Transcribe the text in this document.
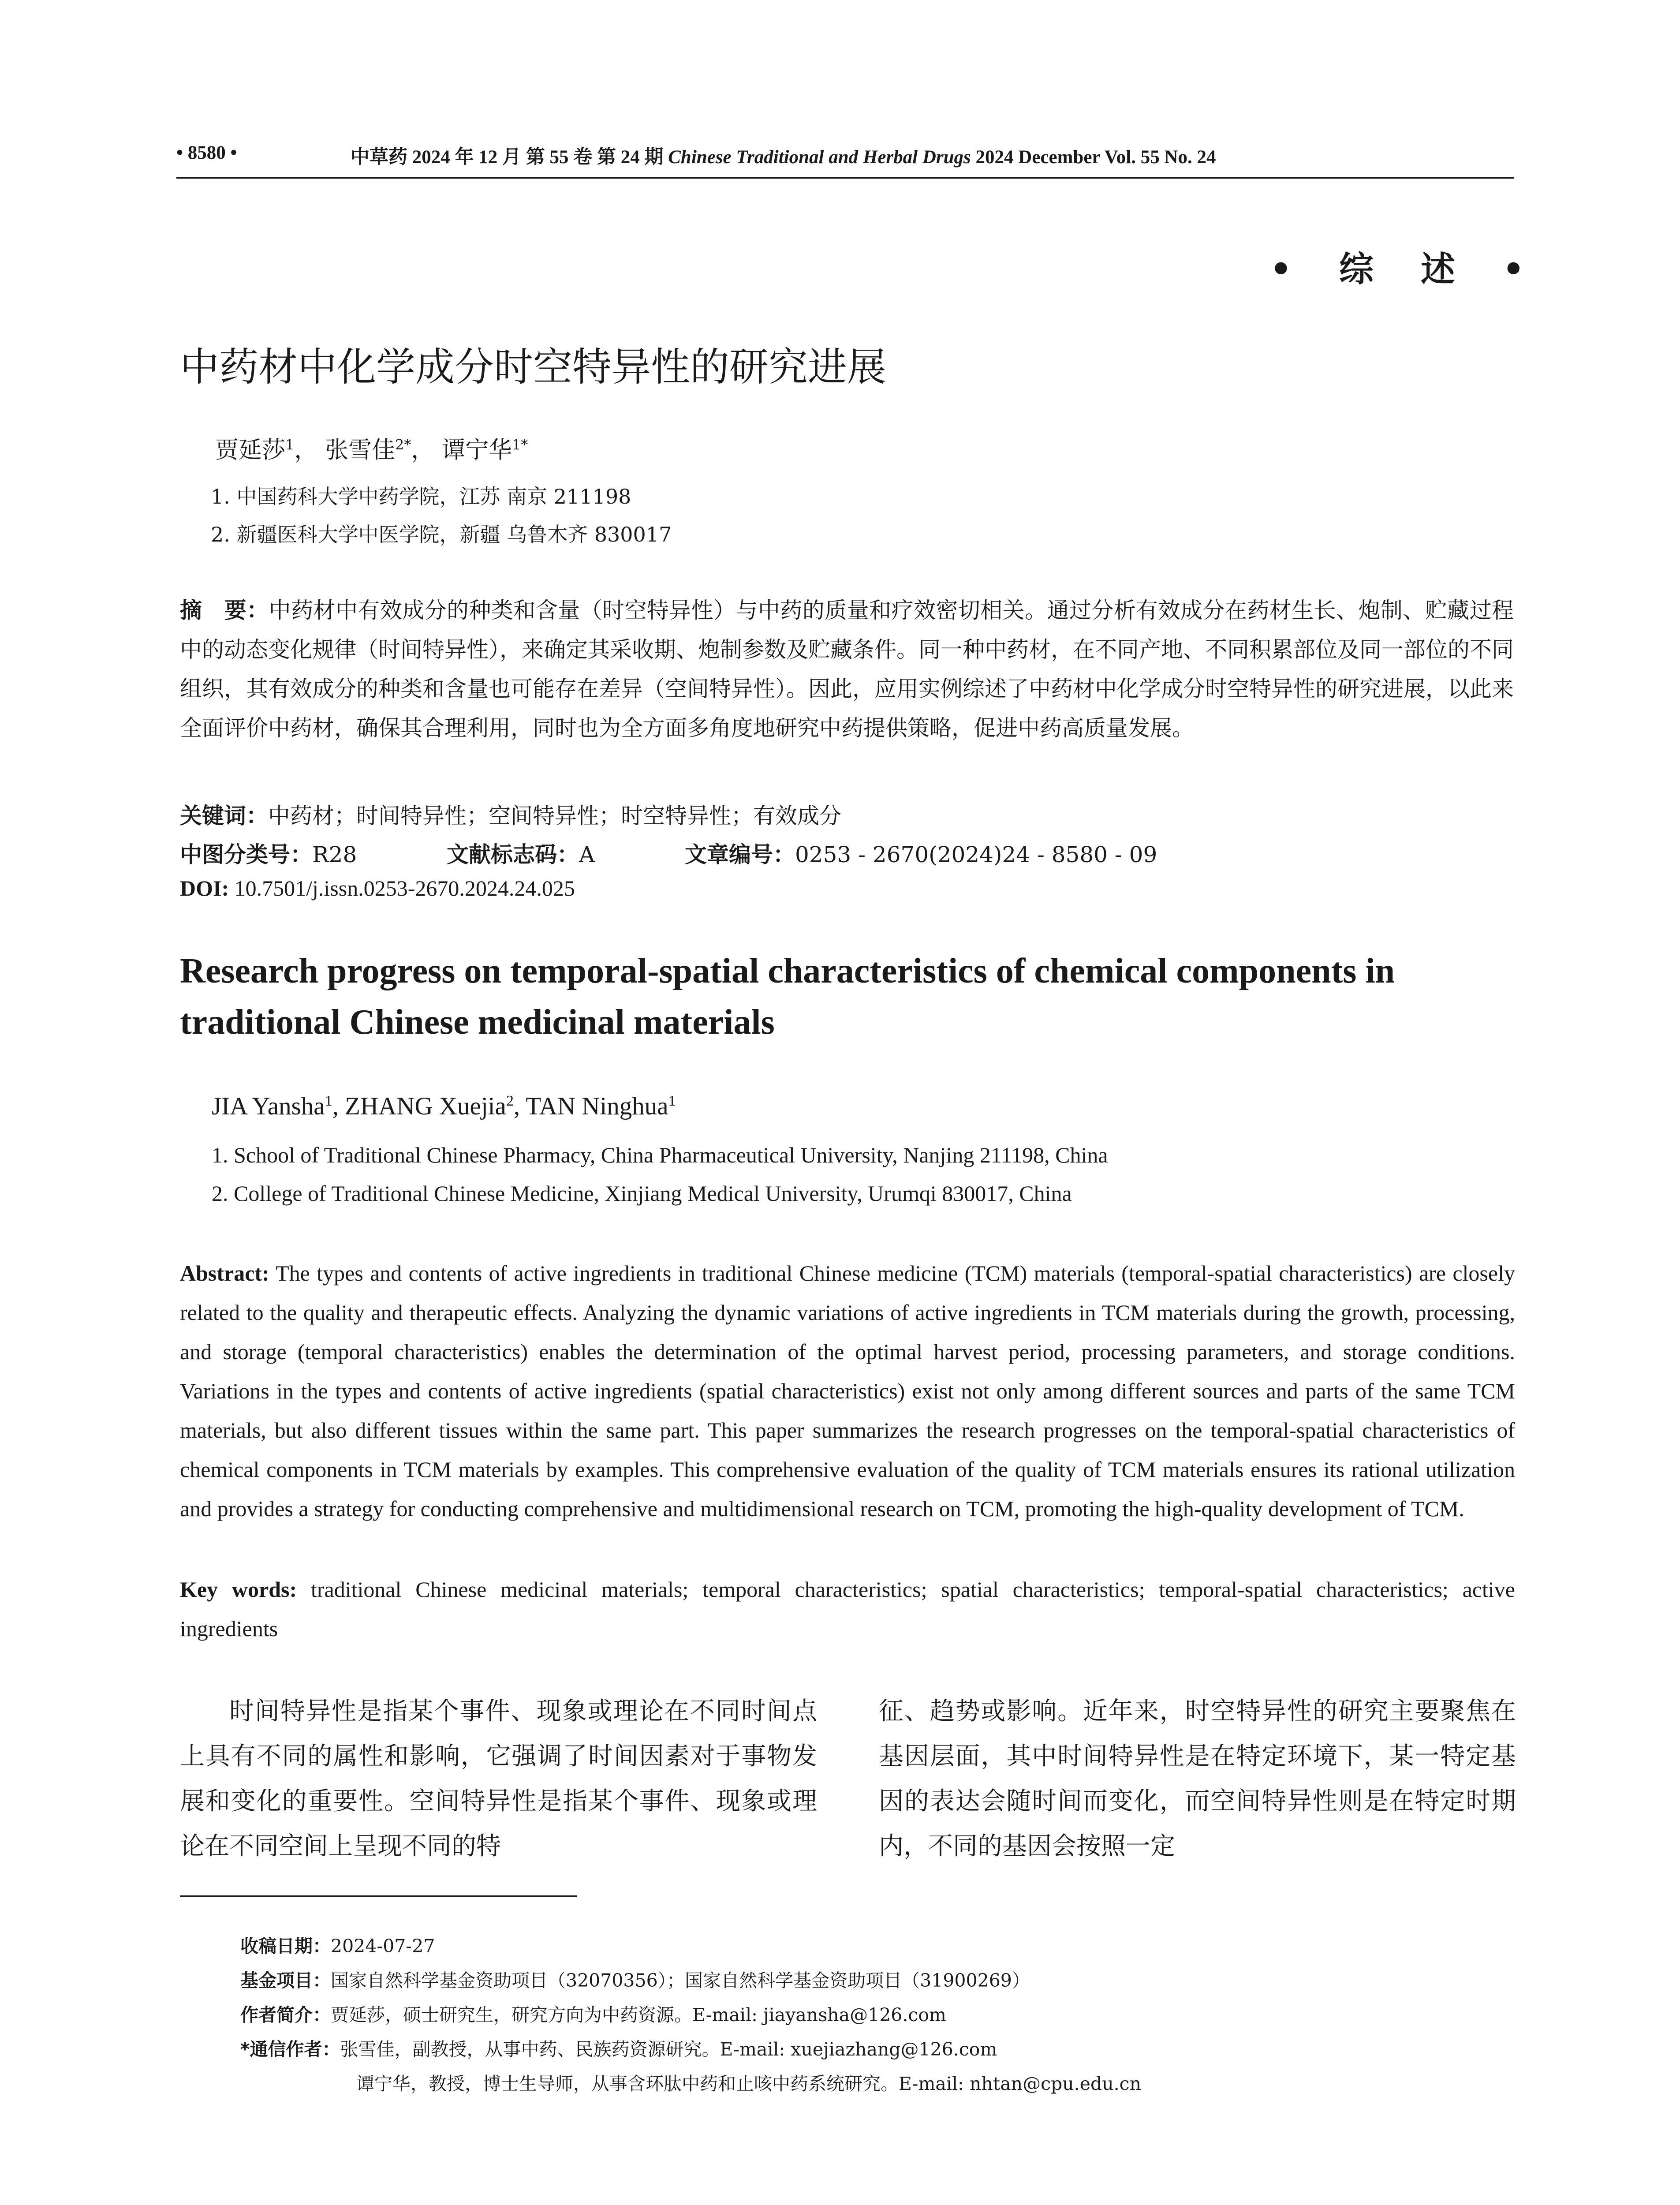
• 8580 •	中草药 2024 年 12 月 第 55 卷 第 24 期 Chinese Traditional and Herbal Drugs 2024 December Vol. 55 No. 24
• 综 述 •
中药材中化学成分时空特异性的研究进展
贾延莎$^1$， 张雪佳$^{2*}$， 谭宁华$^{1*}$
1. 中国药科大学中药学院，江苏 南京 211198
2. 新疆医科大学中医学院，新疆 乌鲁木齐 830017
摘　要：中药材中有效成分的种类和含量（时空特异性）与中药的质量和疗效密切相关。通过分析有效成分在药材生长、炮制、贮藏过程中的动态变化规律（时间特异性），来确定其采收期、炮制参数及贮藏条件。同一种中药材，在不同产地、不同积累部位及同一部位的不同组织，其有效成分的种类和含量也可能存在差异（空间特异性）。因此，应用实例综述了中药材中化学成分时空特异性的研究进展，以此来全面评价中药材，确保其合理利用，同时也为全方面多角度地研究中药提供策略，促进中药高质量发展。
关键词：中药材；时间特异性；空间特异性；时空特异性；有效成分
中图分类号：R28	文献标志码：A	文章编号：0253 - 2670(2024)24 - 8580 - 09
DOI: 10.7501/j.issn.0253-2670.2024.24.025
Research progress on temporal-spatial characteristics of chemical components in traditional Chinese medicinal materials
JIA Yansha$^1$, ZHANG Xuejia$^2$, TAN Ninghua$^1$
1. School of Traditional Chinese Pharmacy, China Pharmaceutical University, Nanjing 211198, China
2. College of Traditional Chinese Medicine, Xinjiang Medical University, Urumqi 830017, China
Abstract: The types and contents of active ingredients in traditional Chinese medicine (TCM) materials (temporal-spatial characteristics) are closely related to the quality and therapeutic effects. Analyzing the dynamic variations of active ingredients in TCM materials during the growth, processing, and storage (temporal characteristics) enables the determination of the optimal harvest period, processing parameters, and storage conditions. Variations in the types and contents of active ingredients (spatial characteristics) exist not only among different sources and parts of the same TCM materials, but also different tissues within the same part. This paper summarizes the research progresses on the temporal-spatial characteristics of chemical components in TCM materials by examples. This comprehensive evaluation of the quality of TCM materials ensures its rational utilization and provides a strategy for conducting comprehensive and multidimensional research on TCM, promoting the high-quality development of TCM.
Key words: traditional Chinese medicinal materials; temporal characteristics; spatial characteristics; temporal-spatial characteristics; active ingredients
时间特异性是指某个事件、现象或理论在不同时间点上具有不同的属性和影响，它强调了时间因素对于事物发展和变化的重要性。空间特异性是指某个事件、现象或理论在不同空间上呈现不同的特
征、趋势或影响。近年来，时空特异性的研究主要聚焦在基因层面，其中时间特异性是在特定环境下，某一特定基因的表达会随时间而变化，而空间特异性则是在特定时期内，不同的基因会按照一定
收稿日期：2024-07-27
基金项目：国家自然科学基金资助项目（32070356）；国家自然科学基金资助项目（31900269）
作者简介：贾延莎，硕士研究生，研究方向为中药资源。E-mail: jiayansha@126.com
*通信作者：张雪佳，副教授，从事中药、民族药资源研究。E-mail: xuejiazhang@126.com
谭宁华，教授，博士生导师，从事含环肽中药和止咳中药系统研究。E-mail: nhtan@cpu.edu.cn
